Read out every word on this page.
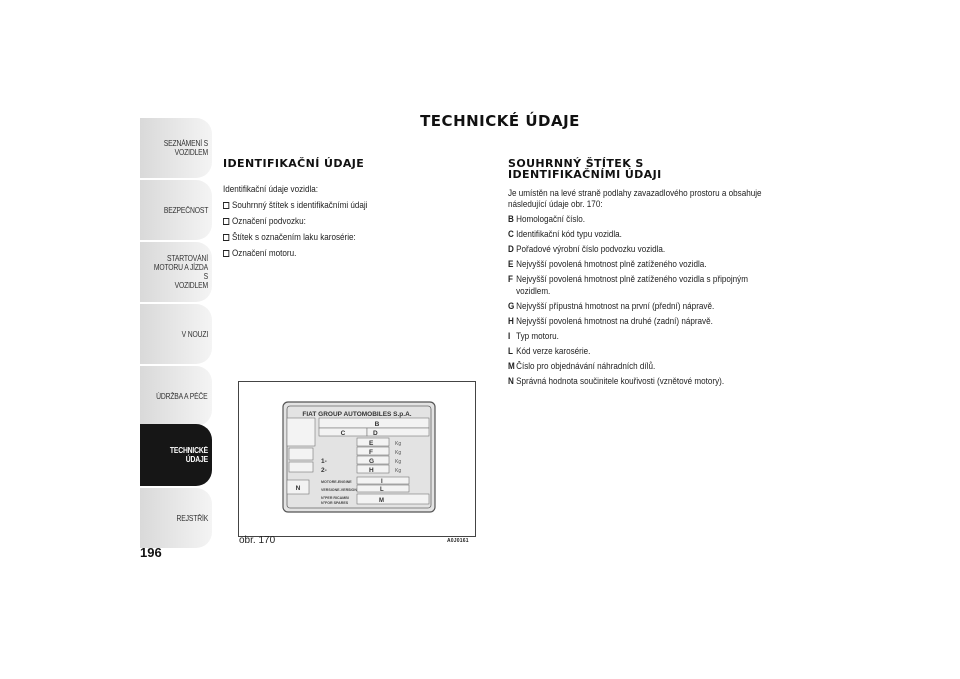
SEZNÁMENÍ S
VOZIDLEM
BEZPEČNOST
STARTOVÁNÍ
MOTORU A JÍZDA S
VOZIDLEM
V NOUZI
ÚDRŽBA A PÉČE
TECHNICKÉ ÚDAJE
REJSTŘÍK
196
TECHNICKÉ ÚDAJE
IDENTIFIKAČNÍ ÚDAJE
Identifikační údaje vozidla:
Souhrnný štítek s identifikačními údaji
Označení podvozku:
Štítek s označením laku karosérie:
Označení motoru.
SOUHRNNÝ ŠTÍTEK S
IDENTIFIKAČNÍMI ÚDAJI
Je umístěn na levé straně podlahy zavazadlového prostoru a obsahuje následující údaje obr. 170:
B Homologační číslo.
C Identifikační kód typu vozidla.
D Pořadové výrobní číslo podvozku vozidla.
E Nejvyšší povolená hmotnost plně zatíženého vozidla.
F Nejvyšší povolená hmotnost plně zatíženého vozidla s připojným vozidlem.
G Nejvyšší přípustná hmotnost na první (přední) nápravě.
H Nejvyšší povolená hmotnost na druhé (zadní) nápravě.
I Typ motoru.
L Kód verze karosérie.
M Číslo pro objednávání náhradních dílů.
N Správná hodnota součinitele kouřivosti (vznětové motory).
FIAT GROUP AUTOMOBILES S.p.A.
B
C	D
E	Kg
F	Kg
1-	G	Kg
2-	H	Kg
N
MOTORE-ENGINE	I
VERSIONE-VERSION	L
N°PER RICAMBI
N°FOR SPARES	M
obr. 170	A0J0161
